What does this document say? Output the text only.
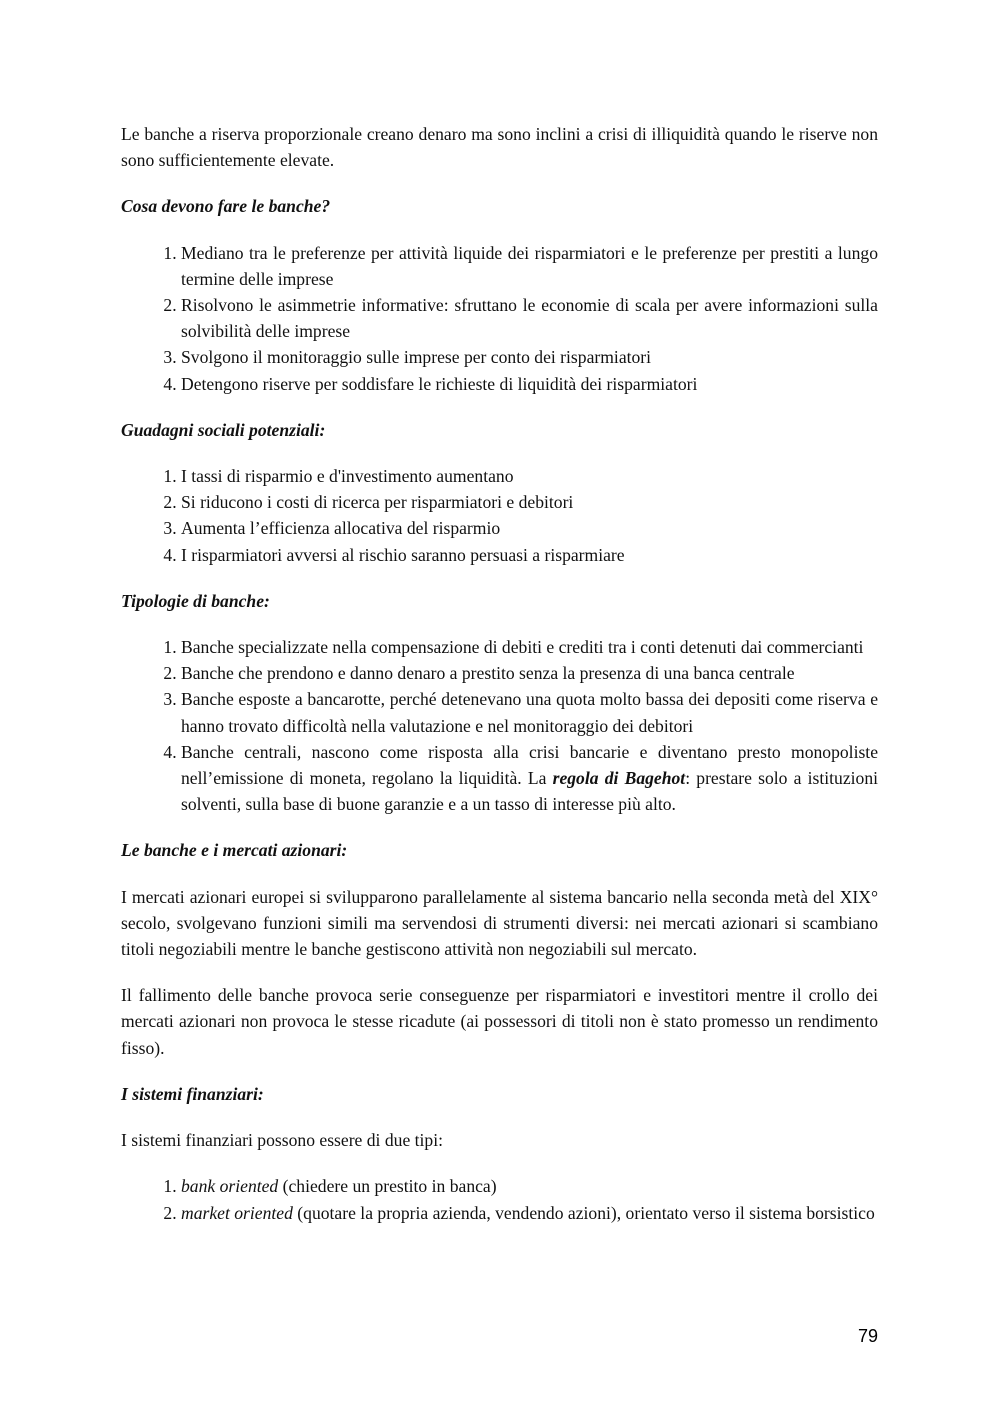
Le banche a riserva proporzionale creano denaro ma sono inclini a crisi di illiquidità quando le riserve non sono sufficientemente elevate.

Cosa devono fare le banche?
1. Mediano tra le preferenze per attività liquide dei risparmiatori e le preferenze per prestiti a lungo termine delle imprese
2. Risolvono le asimmetrie informative: sfruttano le economie di scala per avere informazioni sulla solvibilità delle imprese
3. Svolgono il monitoraggio sulle imprese per conto dei risparmiatori
4. Detengono riserve per soddisfare le richieste di liquidità dei risparmiatori
Guadagni sociali potenziali:
1. I tassi di risparmio e d'investimento aumentano
2. Si riducono i costi di ricerca per risparmiatori e debitori
3. Aumenta l’efficienza allocativa del risparmio
4. I risparmiatori avversi al rischio saranno persuasi a risparmiare
Tipologie di banche:
1. Banche specializzate nella compensazione di debiti e crediti tra i conti detenuti dai commercianti
2. Banche che prendono e danno denaro a prestito senza la presenza di una banca centrale
3. Banche esposte a bancarotte, perché detenevano una quota molto bassa dei depositi come riserva e hanno trovato difficoltà nella valutazione e nel monitoraggio dei debitori
4. Banche centrali, nascono come risposta alla crisi bancarie e diventano presto monopoliste nell’emissione di moneta, regolano la liquidità. La regola di Bagehot: prestare solo a istituzioni solventi, sulla base di buone garanzie e a un tasso di interesse più alto.
Le banche e i mercati azionari:

I mercati azionari europei si svilupparono parallelamente al sistema bancario nella seconda metà del XIX° secolo, svolgevano funzioni simili ma servendosi di strumenti diversi: nei mercati azionari si scambiano titoli negoziabili mentre le banche gestiscono attività non negoziabili sul mercato.

Il fallimento delle banche provoca serie conseguenze per risparmiatori e investitori mentre il crollo dei mercati azionari non provoca le stesse ricadute (ai possessori di titoli non è stato promesso un rendimento fisso).

I sistemi finanziari:

I sistemi finanziari possono essere di due tipi:

1. bank oriented (chiedere un prestito in banca)
2. market oriented (quotare la propria azienda, vendendo azioni), orientato verso il sistema borsistico
79
